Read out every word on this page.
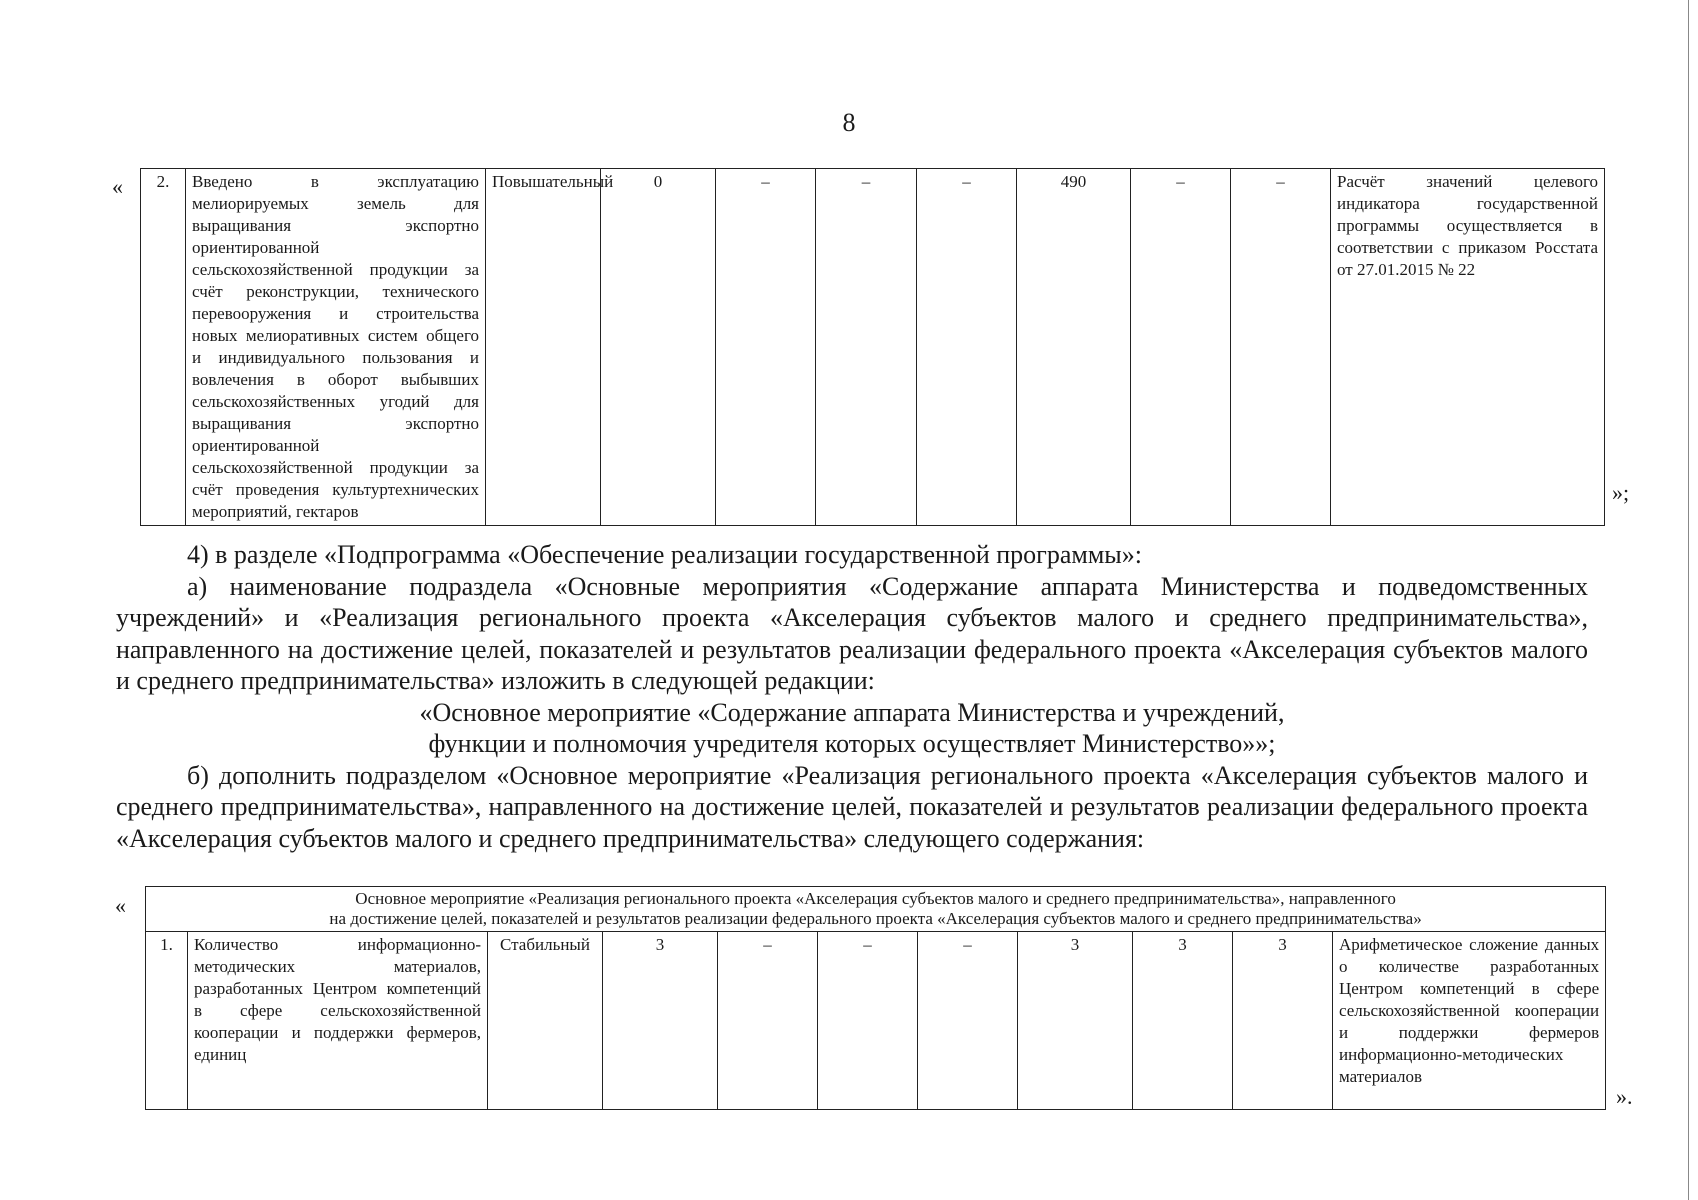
8
« 2.	Введено в эксплуатацию мелиорируемых земель для выращивания экспортно ориентированной сельскохозяйственной продукции за счёт реконструкции, технического перевооружения и строительства новых мелиоративных систем общего и индивидуального пользования и вовлечения в оборот выбывших сельскохозяйственных угодий для выращивания экспортно ориентированной сельскохозяйственной продукции за счёт проведения культуртехнических мероприятий, гектаров	Повышательный	0	–	–	–	490	–	–	Расчёт значений целевого индикатора государственной программы осуществляется в соответствии с приказом Росстата от 27.01.2015 № 22
»;

4) в разделе «Подпрограмма «Обеспечение реализации государственной программы»:

а) наименование подраздела «Основные мероприятия «Содержание аппарата Министерства и подведомственных учреждений» и «Реализация регионального проекта «Акселерация субъектов малого и среднего предпринимательства», направленного на достижение целей, показателей и результатов реализации федерального проекта «Акселерация субъектов малого и среднего предпринимательства» изложить в следующей редакции:

«Основное мероприятие «Содержание аппарата Министерства и учреждений,

функции и полномочия учредителя которых осуществляет Министерство»»;

б) дополнить подразделом «Основное мероприятие «Реализация регионального проекта «Акселерация субъектов малого и среднего предпринимательства», направленного на достижение целей, показателей и результатов реализации федерального проекта «Акселерация субъектов малого и среднего предпринимательства» следующего содержания:

«	Основное мероприятие «Реализация регионального проекта «Акселерация субъектов малого и среднего предпринимательства», направленного
на достижение целей, показателей и результатов реализации федерального проекта «Акселерация субъектов малого и среднего предпринимательства»

1.	Количество информационно-методических материалов, разработанных Центром компетенций в сфере сельскохозяйственной кооперации и поддержки фермеров, единиц	Стабильный	3	–	–	–	3	3	3	Арифметическое сложение данных о количестве разработанных Центром компетенций в сфере сельскохозяйственной кооперации и поддержки фермеров информационно-методических материалов
».
